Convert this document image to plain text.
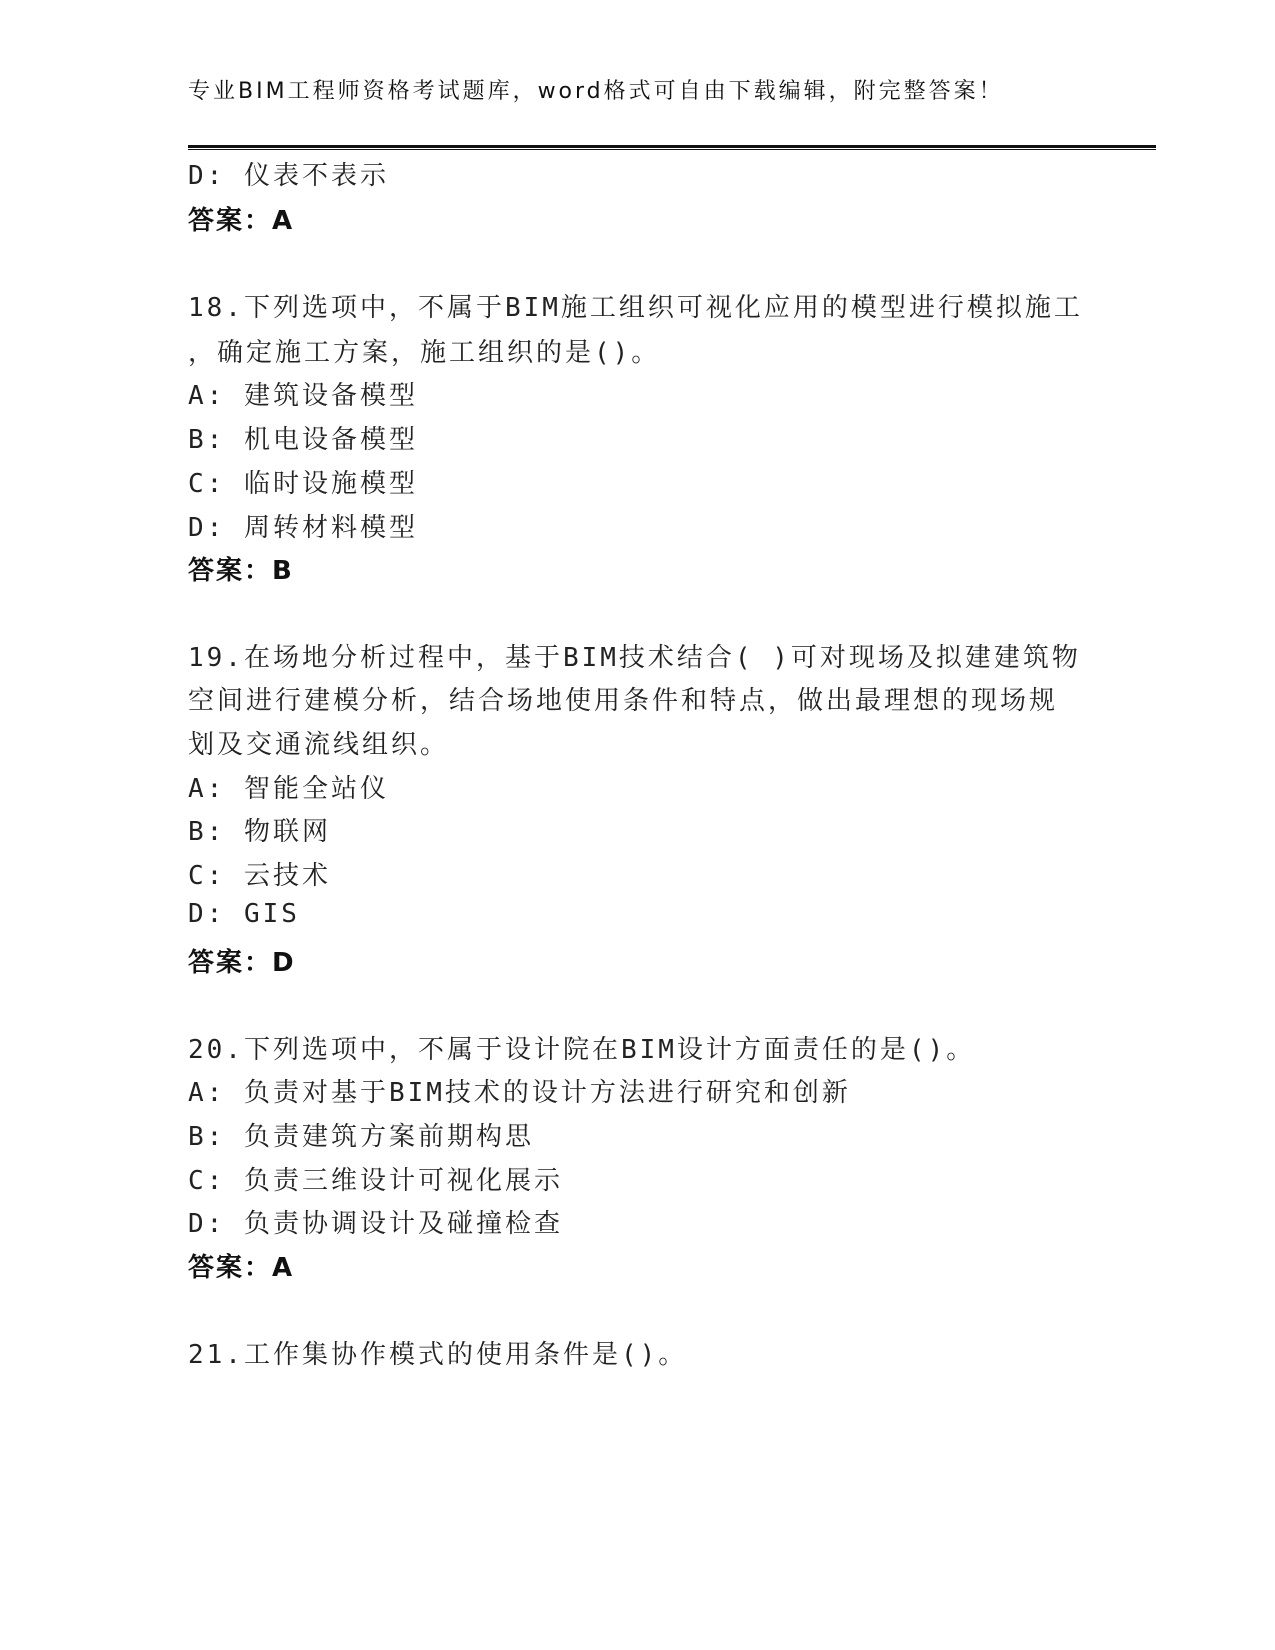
专业BIM工程师资格考试题库，word格式可自由下载编辑，附完整答案！
D: 仪表不表示
答案：A
18.下列选项中，不属于BIM施工组织可视化应用的模型进行模拟施工
，确定施工方案，施工组织的是()。
A: 建筑设备模型
B: 机电设备模型
C: 临时设施模型
D: 周转材料模型
答案：B
19.在场地分析过程中，基于BIM技术结合( )可对现场及拟建建筑物
空间进行建模分析，结合场地使用条件和特点，做出最理想的现场规
划及交通流线组织。
A: 智能全站仪
B: 物联网
C: 云技术
D: GIS
答案：D
20.下列选项中，不属于设计院在BIM设计方面责任的是()。
A: 负责对基于BIM技术的设计方法进行研究和创新
B: 负责建筑方案前期构思
C: 负责三维设计可视化展示
D: 负责协调设计及碰撞检查
答案：A
21.工作集协作模式的使用条件是()。
